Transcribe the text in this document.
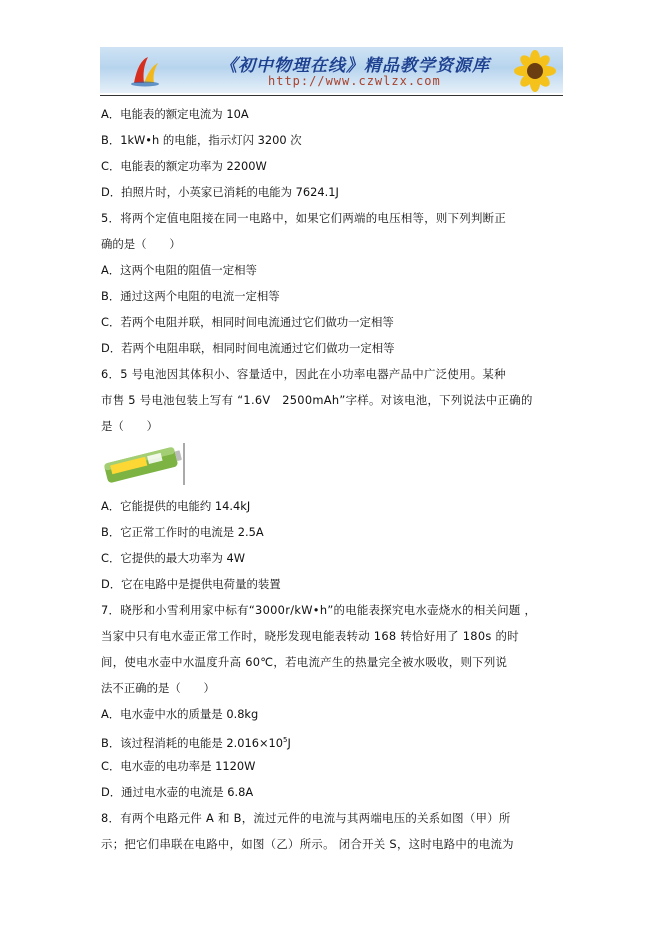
《初中物理在线》精品教学资源库
http://www.czwlzx.com
A．电能表的额定电流为 10A
B．1kW•h 的电能，指示灯闪 3200 次
C．电能表的额定功率为 2200W
D．拍照片时，小英家已消耗的电能为 7624.1J
5．将两个定值电阻接在同一电路中，如果它们两端的电压相等，则下列判断正
确的是（　　）
A．这两个电阻的阻值一定相等
B．通过这两个电阻的电流一定相等
C．若两个电阻并联，相同时间电流通过它们做功一定相等
D．若两个电阻串联，相同时间电流通过它们做功一定相等
6．5 号电池因其体积小、容量适中，因此在小功率电器产品中广泛使用。某种
市售 5 号电池包装上写有 “1.6V　2500mAh”字样。对该电池，下列说法中正确的
是（　　）
A．它能提供的电能约 14.4kJ
B．它正常工作时的电流是 2.5A
C．它提供的最大功率为 4W
D．它在电路中是提供电荷量的装置
7．晓彤和小雪利用家中标有“3000r/kW•h”的电能表探究电水壶烧水的相关问题 ，
当家中只有电水壶正常工作时，晓彤发现电能表转动 168 转恰好用了 180s 的时
间，使电水壶中水温度升高 60℃，若电流产生的热量完全被水吸收，则下列说
法不正确的是（　　）
A．电水壶中水的质量是 0.8kg
B．该过程消耗的电能是 $2.016\times 10^5J$
C．电水壶的电功率是 1120W
D．通过电水壶的电流是 6.8A
8．有两个电路元件 A 和 B，流过元件的电流与其两端电压的关系如图（甲）所
示；把它们串联在电路中，如图（乙）所示。 闭合开关 S，这时电路中的电流为
